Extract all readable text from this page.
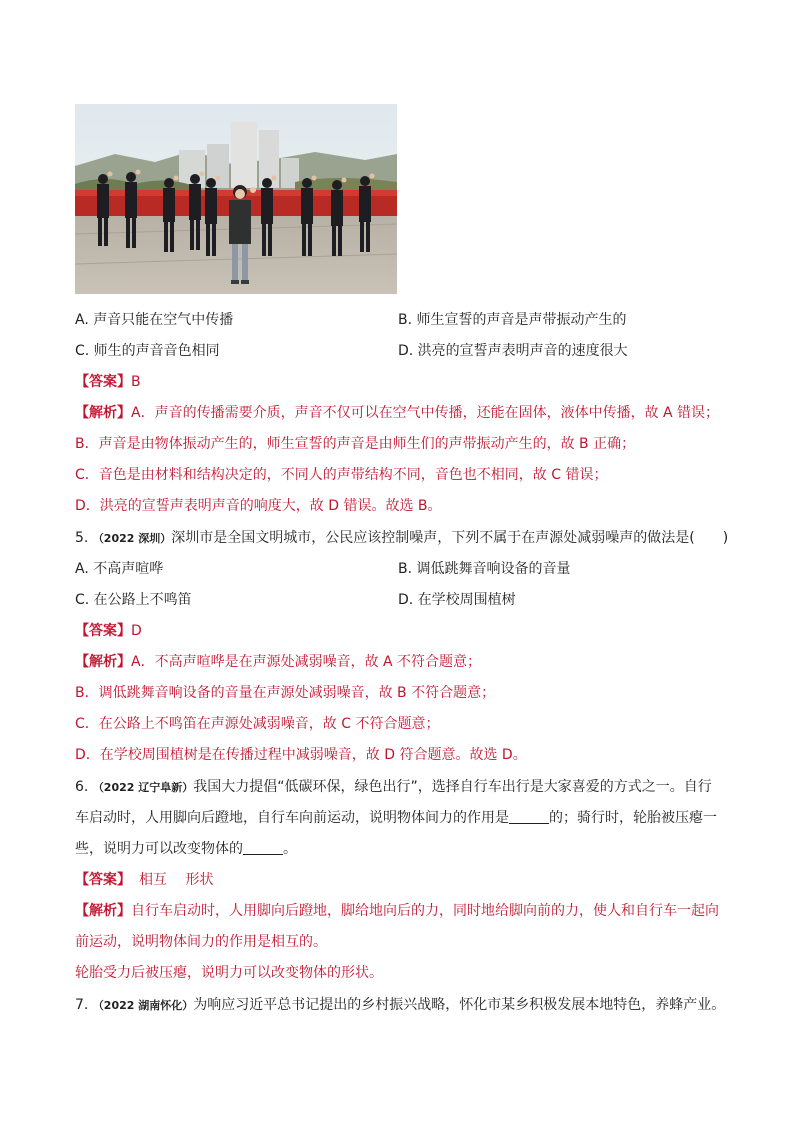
A. 声音只能在空气中传播	B. 师生宣誓的声音是声带振动产生的
C. 师生的声音音色相同	D. 洪亮的宣誓声表明声音的速度很大
【答案】B
【解析】A．声音的传播需要介质，声音不仅可以在空气中传播，还能在固体，液体中传播，故 A 错误；
B．声音是由物体振动产生的，师生宣誓的声音是由师生们的声带振动产生的，故 B 正确；
C．音色是由材料和结构决定的，不同人的声带结构不同，音色也不相同，故 C 错误；
D．洪亮的宣誓声表明声音的响度大，故 D 错误。故选 B。
5. （2022 深圳）深圳市是全国文明城市，公民应该控制噪声，下列不属于在声源处减弱噪声的做法是(　　)
A. 不高声喧哗	B. 调低跳舞音响设备的音量
C. 在公路上不鸣笛	D. 在学校周围植树
【答案】D
【解析】A．不高声喧哗是在声源处减弱噪音，故 A 不符合题意；
B．调低跳舞音响设备的音量在声源处减弱噪音，故 B 不符合题意；
C．在公路上不鸣笛在声源处减弱噪音，故 C 不符合题意；
D．在学校周围植树是在传播过程中减弱噪音，故 D 符合题意。故选 D。
6. （2022 辽宁阜新）我国大力提倡“低碳环保，绿色出行”，选择自行车出行是大家喜爱的方式之一。自行
车启动时，人用脚向后蹬地，自行车向前运动，说明物体间力的作用是	的；骑行时，轮胎被压瘪一
些，说明力可以改变物体的	。
【答案】 相互　 形状
【解析】自行车启动时，人用脚向后蹬地，脚给地向后的力，同时地给脚向前的力，使人和自行车一起向
前运动，说明物体间力的作用是相互的。
轮胎受力后被压瘪，说明力可以改变物体的形状。
7. （2022 湖南怀化）为响应习近平总书记提出的乡村振兴战略，怀化市某乡积极发展本地特色，养蜂产业。
